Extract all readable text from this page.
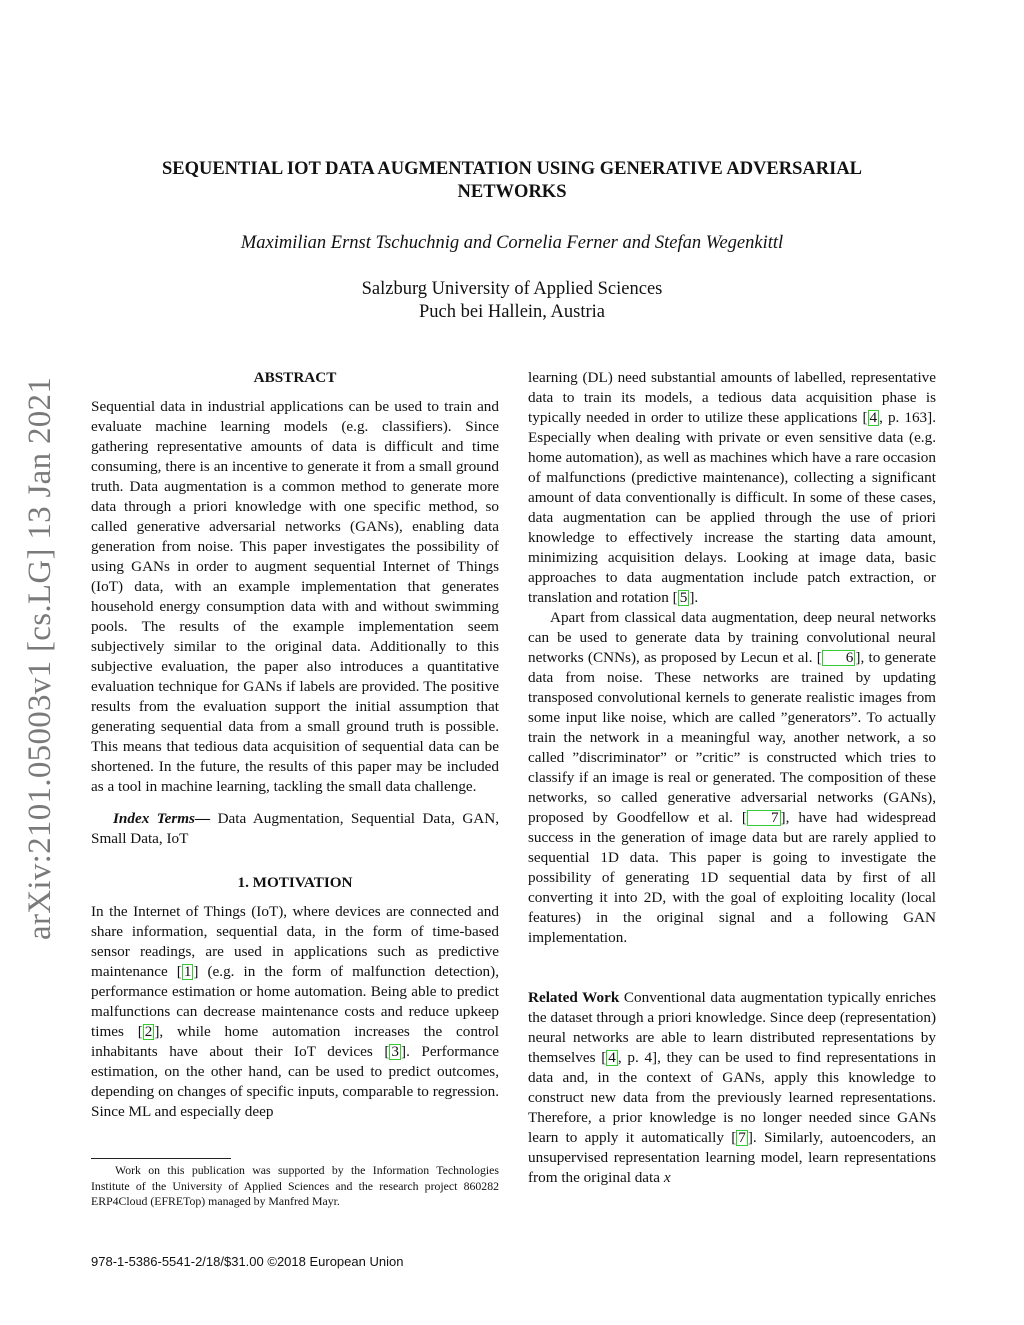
arXiv:2101.05003v1 [cs.LG] 13 Jan 2021
SEQUENTIAL IOT DATA AUGMENTATION USING GENERATIVE ADVERSARIAL
NETWORKS
Maximilian Ernst Tschuchnig and Cornelia Ferner and Stefan Wegenkittl
Salzburg University of Applied Sciences
Puch bei Hallein, Austria

ABSTRACT

Sequential data in industrial applications can be used to train and evaluate machine learning models (e.g. classifiers). Since gathering representative amounts of data is difficult and time consuming, there is an incentive to generate it from a small ground truth. Data augmentation is a common method to generate more data through a priori knowledge with one specific method, so called generative adversarial networks (GANs), enabling data generation from noise. This paper investigates the possibility of using GANs in order to augment sequential Internet of Things (IoT) data, with an example implementation that generates household energy consumption data with and without swimming pools. The results of the example implementation seem subjectively similar to the original data. Additionally to this subjective evaluation, the paper also introduces a quantitative evaluation technique for GANs if labels are provided. The positive results from the evaluation support the initial assumption that generating sequential data from a small ground truth is possible. This means that tedious data acquisition of sequential data can be shortened. In the future, the results of this paper may be included as a tool in machine learning, tackling the small data challenge.

Index Terms— Data Augmentation, Sequential Data, GAN, Small Data, IoT

1. MOTIVATION

In the Internet of Things (IoT), where devices are connected and share information, sequential data, in the form of time-based sensor readings, are used in applications such as predictive maintenance [ 1 ] (e.g. in the form of malfunction detection), performance estimation or home automation. Being able to predict malfunctions can decrease maintenance costs and reduce upkeep times [ 2 ], while home automation increases the control inhabitants have about their IoT devices [ 3 ]. Performance estimation, on the other hand, can be used to predict outcomes, depending on changes of specific inputs, comparable to regression. Since ML and especially deep

Work on this publication was supported by the Information Technologies Institute of the University of Applied Sciences and the research project 860282 ERP4Cloud (EFRETop) managed by Manfred Mayr.

978-1-5386-5541-2/18/$31.00 ©2018 European Union

learning (DL) need substantial amounts of labelled, representative data to train its models, a tedious data acquisition phase is typically needed in order to utilize these applications [ 4 , p. 163]. Especially when dealing with private or even sensitive data (e.g. home automation), as well as machines which have a rare occasion of malfunctions (predictive maintenance), collecting a significant amount of data conventionally is difficult. In some of these cases, data augmentation can be applied through the use of priori knowledge to effectively increase the starting data amount, minimizing acquisition delays. Looking at image data, basic approaches to data augmentation include patch extraction, or translation and rotation [ 5 ].

Apart from classical data augmentation, deep neural networks can be used to generate data by training convolutional neural networks (CNNs), as proposed by Lecun et al. [ 6 ], to generate data from noise. These networks are trained by updating transposed convolutional kernels to generate realistic images from some input like noise, which are called ”generators”. To actually train the network in a meaningful way, another network, a so called ”discriminator” or ”critic” is constructed which tries to classify if an image is real or generated. The composition of these networks, so called generative adversarial networks (GANs), proposed by Goodfellow et al. [ 7 ], have had widespread success in the generation of image data but are rarely applied to sequential 1D data. This paper is going to investigate the possibility of generating 1D sequential data by first of all converting it into 2D, with the goal of exploiting locality (local features) in the original signal and a following GAN implementation.

Related Work Conventional data augmentation typically enriches the dataset through a priori knowledge. Since deep (representation) neural networks are able to learn distributed representations by themselves [ 4 , p. 4], they can be used to find representations in data and, in the context of GANs, apply this knowledge to construct new data from the previously learned representations. Therefore, a prior knowledge is no longer needed since GANs learn to apply it automatically [ 7 ]. Similarly, autoencoders, an unsupervised representation learning model, learn representations from the original data x
